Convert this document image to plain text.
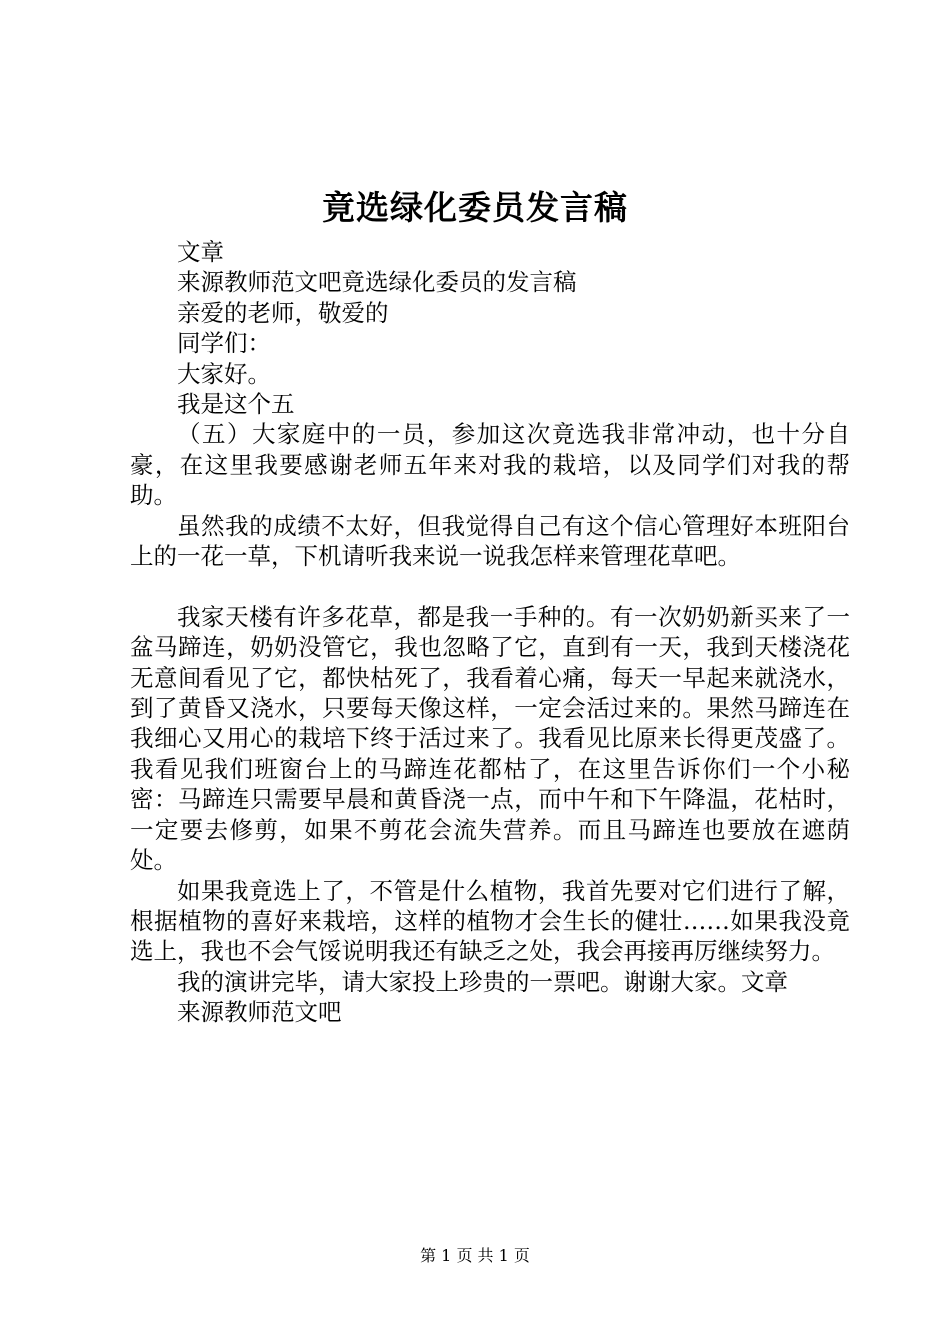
竟选绿化委员发言稿
文章
来源教师范文吧竟选绿化委员的发言稿
亲爱的老师，敬爱的
同学们：
大家好。
我是这个五

（五）大家庭中的一员，参加这次竟选我非常冲动，也十分自豪，在这里我要感谢老师五年来对我的栽培，以及同学们对我的帮助。

虽然我的成绩不太好，但我觉得自己有这个信心管理好本班阳台上的一花一草，下机请听我来说一说我怎样来管理花草吧。

我家天楼有许多花草，都是我一手种的。有一次奶奶新买来了一盆马蹄连，奶奶没管它，我也忽略了它，直到有一天，我到天楼浇花无意间看见了它，都快枯死了，我看着心痛，每天一早起来就浇水，到了黄昏又浇水，只要每天像这样，一定会活过来的。果然马蹄连在我细心又用心的栽培下终于活过来了。我看见比原来长得更茂盛了。我看见我们班窗台上的马蹄连花都枯了，在这里告诉你们一个小秘密：马蹄连只需要早晨和黄昏浇一点，而中午和下午降温，花枯时，一定要去修剪，如果不剪花会流失营养。而且马蹄连也要放在遮荫处。

如果我竟选上了，不管是什么植物，我首先要对它们进行了解，根据植物的喜好来栽培，这样的植物才会生长的健壮……如果我没竟选上，我也不会气馁说明我还有缺乏之处，我会再接再厉继续努力。

我的演讲完毕，请大家投上珍贵的一票吧。谢谢大家。文章

来源教师范文吧
第 1 页 共 1 页
